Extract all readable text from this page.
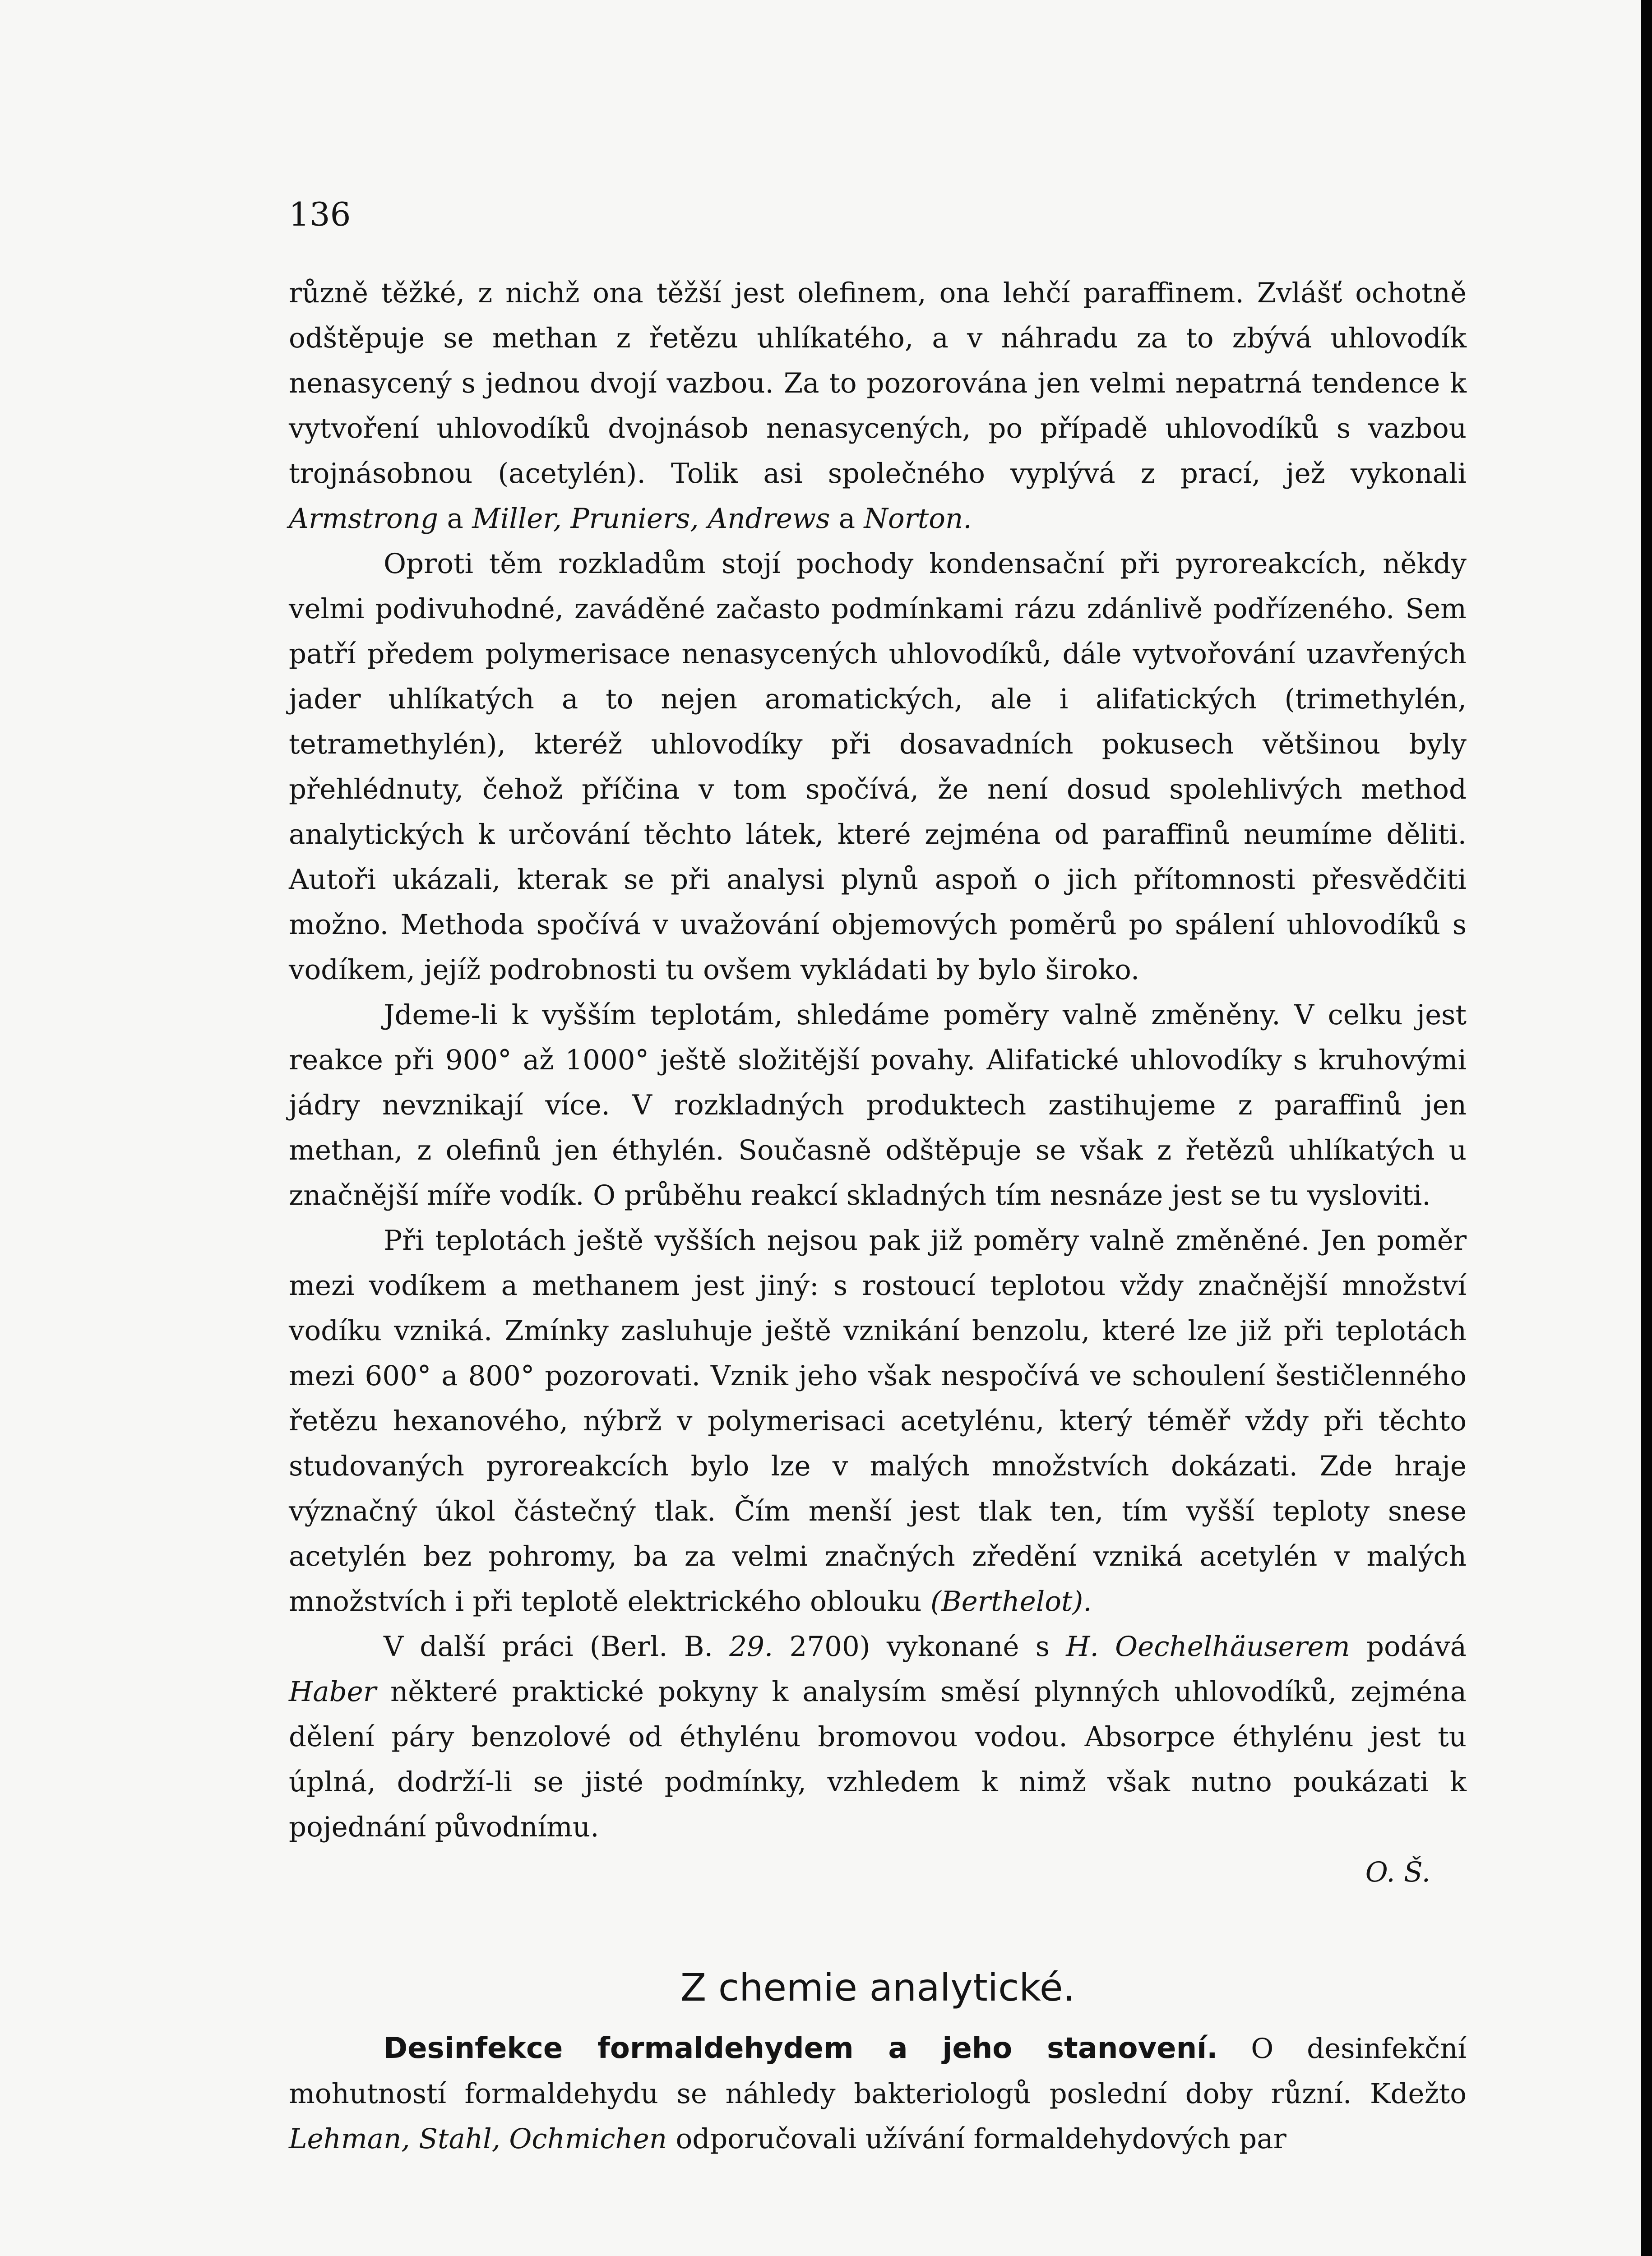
136

různě těžké, z nichž ona těžší jest olefinem, ona lehčí paraffinem. Zvlášť ochotně odštěpuje se methan z řetězu uhlíkatého, a v náhradu za to zbývá uhlovodík nenasycený s jednou dvojí vazbou. Za to pozorována jen velmi nepatrná tendence k vytvoření uhlovodíků dvojnásob nenasycených, po případě uhlovodíků s vazbou trojnásobnou (acetylén). Tolik asi společného vyplývá z prací, jež vykonali Armstrong a Miller, Pruniers, Andrews a Norton.

Oproti těm rozkladům stojí pochody kondensační při pyroreakcích, někdy velmi podivuhodné, zaváděné začasto podmínkami rázu zdánlivě podřízeného. Sem patří předem polymerisace nenasycených uhlovodíků, dále vytvořování uzavřených jader uhlíkatých a to nejen aromatických, ale i alifatických (trimethylén, tetramethylén), kteréž uhlovodíky při dosavadních pokusech většinou byly přehlédnuty, čehož příčina v tom spočívá, že není dosud spolehlivých method analytických k určování těchto látek, které zejména od paraffinů neumíme děliti. Autoři ukázali, kterak se při analysi plynů aspoň o jich přítomnosti přesvědčiti možno. Methoda spočívá v uvažování objemových poměrů po spálení uhlovodíků s vodíkem, jejíž podrobnosti tu ovšem vykládati by bylo široko.

Jdeme-li k vyšším teplotám, shledáme poměry valně změněny. V celku jest reakce při 900° až 1000° ještě složitější povahy. Alifatické uhlovodíky s kruhovými jádry nevznikají více. V rozkladných produktech zastihujeme z paraffinů jen methan, z olefinů jen éthylén. Současně odštěpuje se však z řetězů uhlíkatých u značnější míře vodík. O průběhu reakcí skladných tím nesnáze jest se tu vysloviti.

Při teplotách ještě vyšších nejsou pak již poměry valně změněné. Jen poměr mezi vodíkem a methanem jest jiný: s rostoucí teplotou vždy značnější množství vodíku vzniká. Zmínky zasluhuje ještě vznikání benzolu, které lze již při teplotách mezi 600° a 800° pozorovati. Vznik jeho však nespočívá ve schoulení šestičlenného řetězu hexanového, nýbrž v polymerisaci acetylénu, který téměř vždy při těchto studovaných pyroreakcích bylo lze v malých množstvích dokázati. Zde hraje význačný úkol částečný tlak. Čím menší jest tlak ten, tím vyšší teploty snese acetylén bez pohromy, ba za velmi značných zředění vzniká acetylén v malých množstvích i při teplotě elektrického oblouku (Berthelot).

V další práci (Berl. B. 29. 2700) vykonané s H. Oechelhäuserem podává Haber některé praktické pokyny k analysím směsí plynných uhlovodíků, zejména dělení páry benzolové od éthylénu bromovou vodou. Absorpce éthylénu jest tu úplná, dodrží-li se jisté podmínky, vzhledem k nimž však nutno poukázati k pojednání původnímu.
O. Š.
Z chemie analytické.

Desinfekce formaldehydem a jeho stanovení. O desinfekční mohutností formaldehydu se náhledy bakteriologů poslední doby různí. Kdežto Lehman, Stahl, Ochmichen odporučovali užívání formaldehydových par
